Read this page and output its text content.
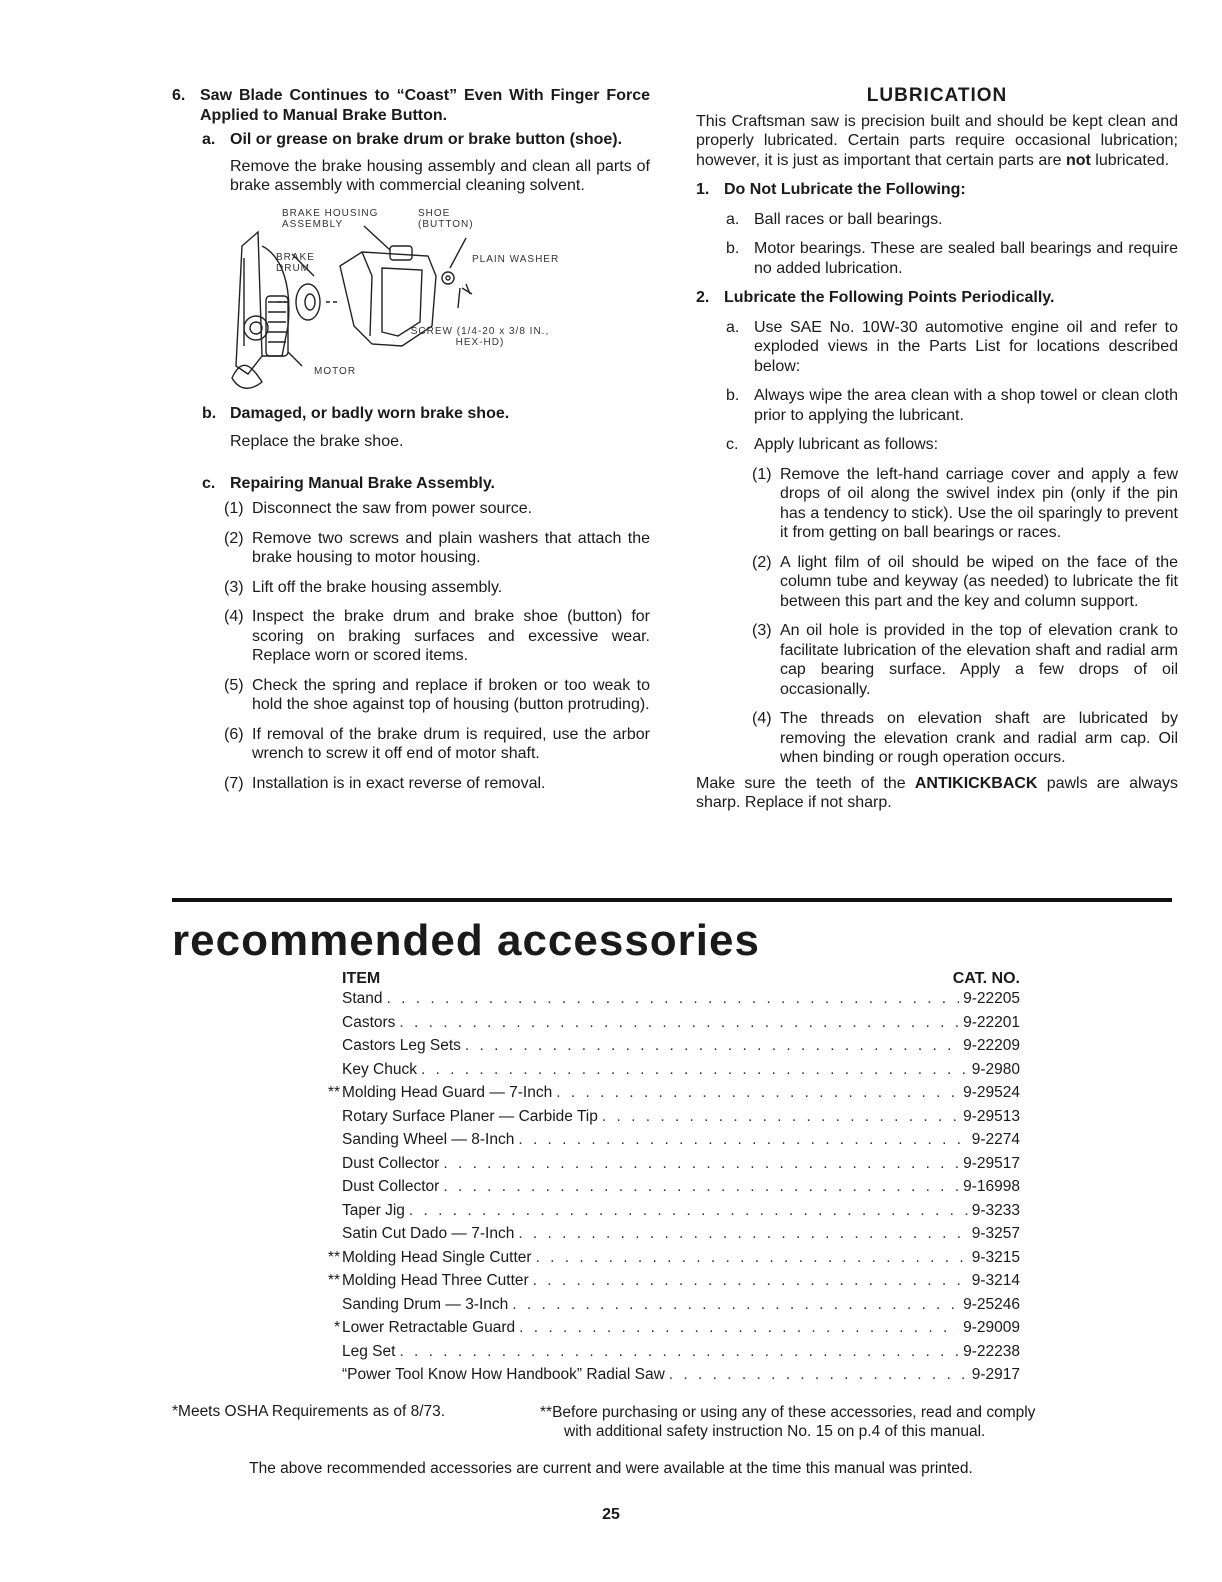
6. Saw Blade Continues to “Coast” Even With Finger Force Applied to Manual Brake Button.
a. Oil or grease on brake drum or brake button (shoe).

Remove the brake housing assembly and clean all parts of brake assembly with commercial cleaning solvent.

BRAKE HOUSING ASSEMBLY
SHOE (BUTTON)
BRAKE DRUM
PLAIN WASHER
SCREW (1/4-20 x 3/8 IN., HEX-HD)
MOTOR
b. Damaged, or badly worn brake shoe.

Replace the brake shoe.

c. Repairing Manual Brake Assembly.
(1) Disconnect the saw from power source.
(2) Remove two screws and plain washers that attach the brake housing to motor housing.
(3) Lift off the brake housing assembly.
(4) Inspect the brake drum and brake shoe (button) for scoring on braking surfaces and excessive wear. Replace worn or scored items.
(5) Check the spring and replace if broken or too weak to hold the shoe against top of housing (button protruding).
(6) If removal of the brake drum is required, use the arbor wrench to screw it off end of motor shaft.
(7) Installation is in exact reverse of removal.
LUBRICATION

This Craftsman saw is precision built and should be kept clean and properly lubricated. Certain parts require occasional lubrication; however, it is just as important that certain parts are not lubricated.

1. Do Not Lubricate the Following:
a. Ball races or ball bearings.
b. Motor bearings. These are sealed ball bearings and require no added lubrication.
2. Lubricate the Following Points Periodically.
a. Use SAE No. 10W-30 automotive engine oil and refer to exploded views in the Parts List for locations described below:
b. Always wipe the area clean with a shop towel or clean cloth prior to applying the lubricant.
c. Apply lubricant as follows:
(1) Remove the left-hand carriage cover and apply a few drops of oil along the swivel index pin (only if the pin has a tendency to stick). Use the oil sparingly to prevent it from getting on ball bearings or races.
(2) A light film of oil should be wiped on the face of the column tube and keyway (as needed) to lubricate the fit between this part and the key and column support.
(3) An oil hole is provided in the top of elevation crank to facilitate lubrication of the elevation shaft and radial arm cap bearing surface. Apply a few drops of oil occasionally.
(4) The threads on elevation shaft are lubricated by removing the elevation crank and radial arm cap. Oil when binding or rough operation occurs.

Make sure the teeth of the ANTIKICKBACK pawls are always sharp. Replace if not sharp.

recommended accessories
ITEM	CAT. NO.
Stand . . .	9-22205
Castors . . .	9-22201
Castors Leg Sets . . .	9-22209
Key Chuck . . .	9-2980
** Molding Head Guard — 7-Inch . . .	9-29524
Rotary Surface Planer — Carbide Tip . . .	9-29513
Sanding Wheel — 8-Inch . . .	9-2274
Dust Collector . . .	9-29517
Dust Collector . . .	9-16998
Taper Jig . . .	9-3233
Satin Cut Dado — 7-Inch . . .	9-3257
** Molding Head Single Cutter . . .	9-3215
** Molding Head Three Cutter . . .	9-3214
Sanding Drum — 3-Inch . . .	9-25246
* Lower Retractable Guard . . .	9-29009
Leg Set . . .	9-22238
“Power Tool Know How Handbook” Radial Saw . . .	9-2917
*Meets OSHA Requirements as of 8/73.	**Before purchasing or using any of these accessories, read and comply
with additional safety instruction No. 15 on p.4 of this manual.
The above recommended accessories are current and were available at the time this manual was printed.
25
